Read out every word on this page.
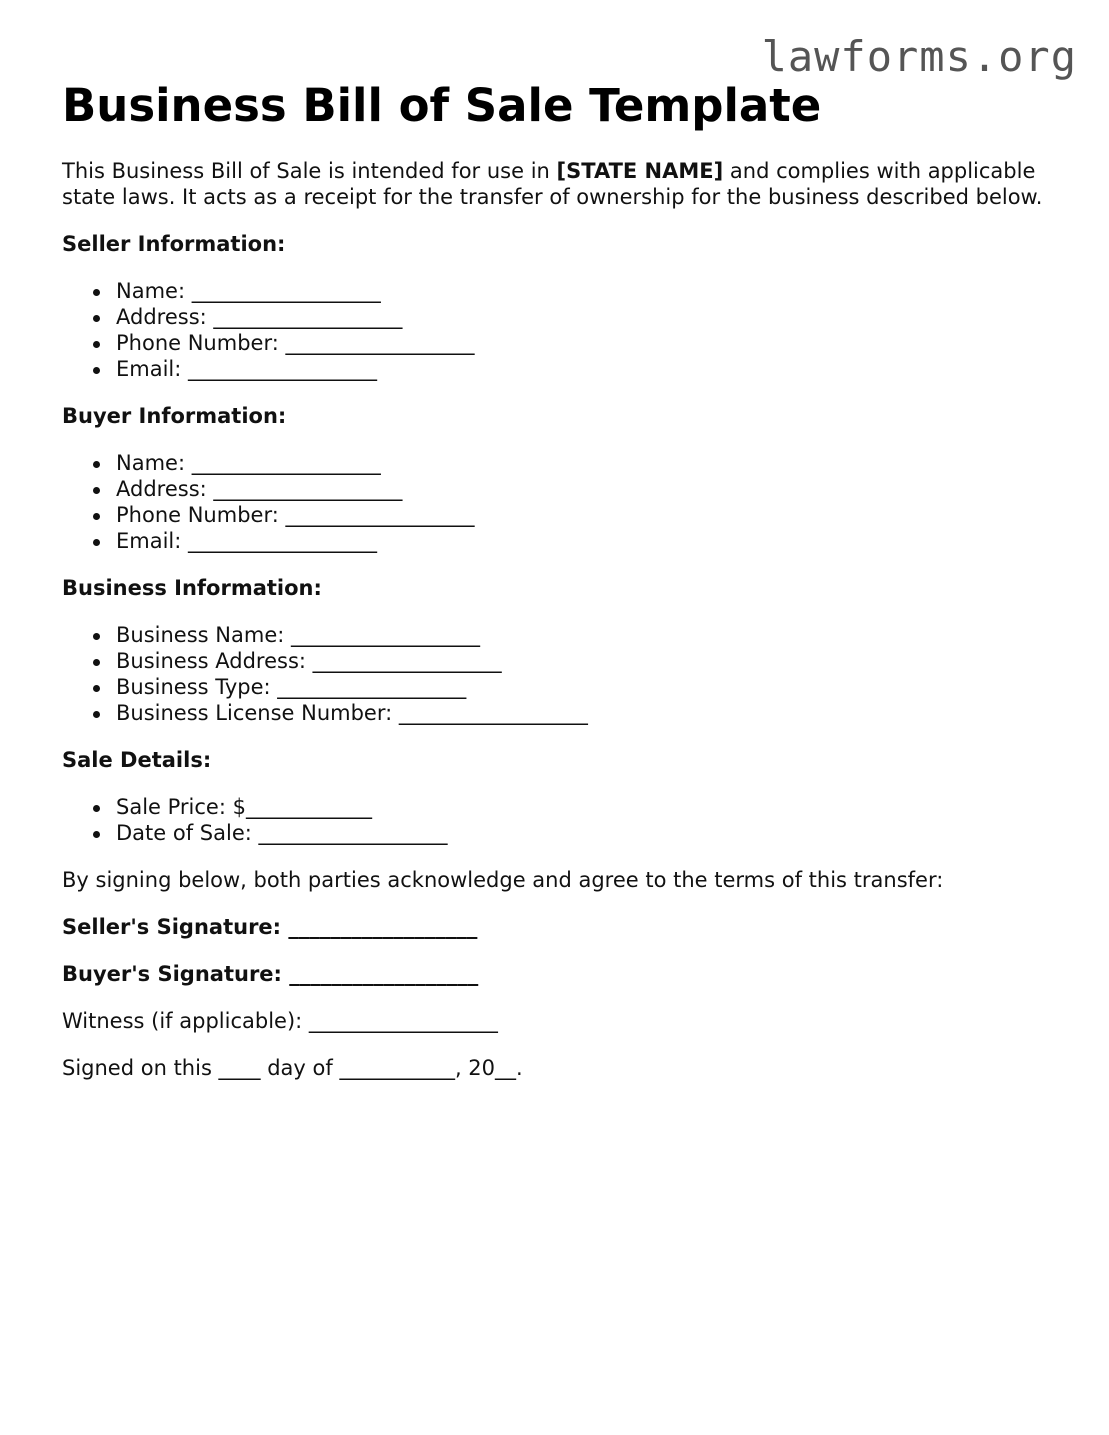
lawforms.org
Business Bill of Sale Template

This Business Bill of Sale is intended for use in [STATE NAME] and complies with applicable state laws. It acts as a receipt for the transfer of ownership for the business described below.

Seller Information:
Name: __________________
Address: __________________
Phone Number: __________________
Email: __________________
Buyer Information:
Name: __________________
Address: __________________
Phone Number: __________________
Email: __________________
Business Information:
Business Name: __________________
Business Address: __________________
Business Type: __________________
Business License Number: __________________
Sale Details:
Sale Price: $____________
Date of Sale: __________________
By signing below, both parties acknowledge and agree to the terms of this transfer:
Seller's Signature: __________________
Buyer's Signature: __________________
Witness (if applicable): __________________
Signed on this ____ day of ___________, 20__.
